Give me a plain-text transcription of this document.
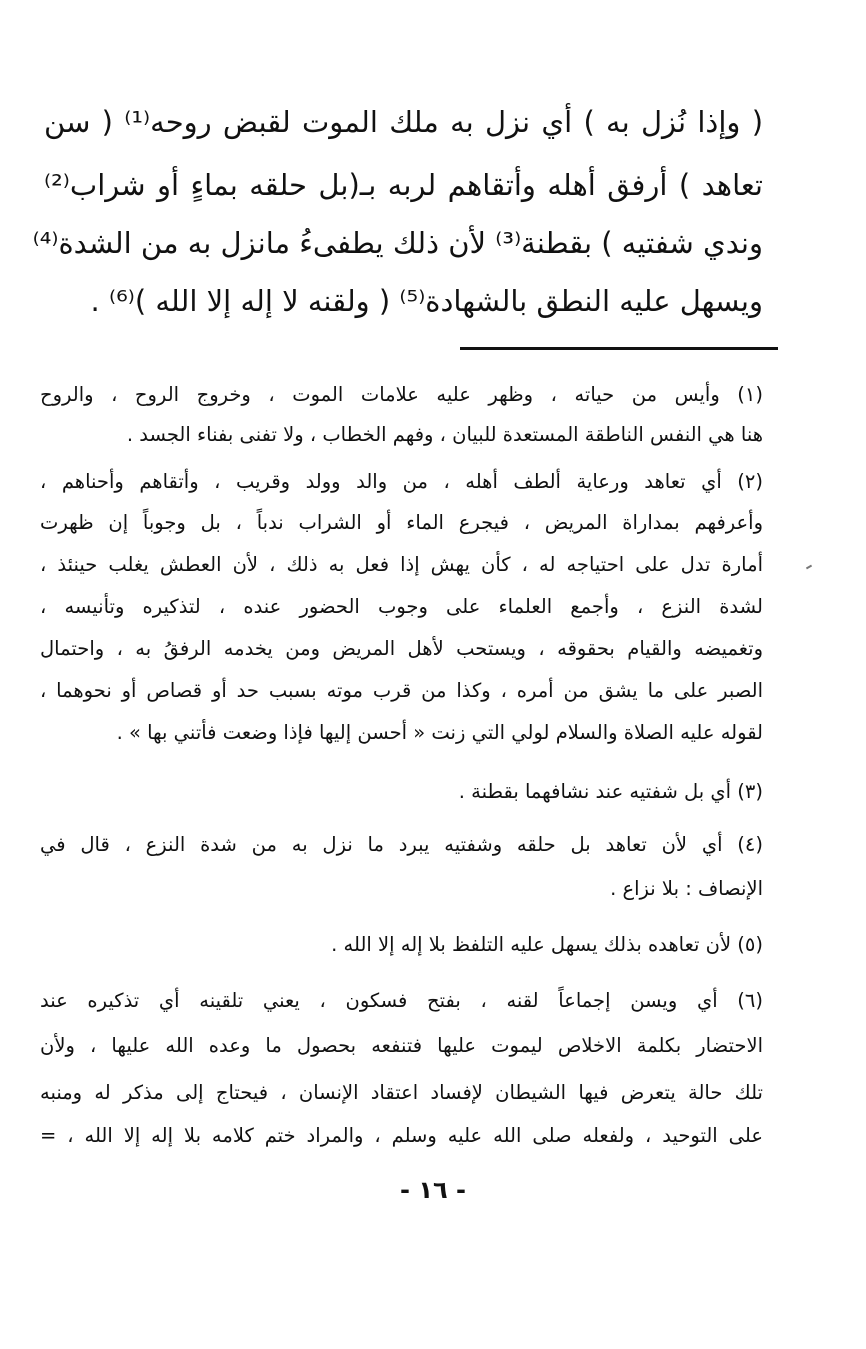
( وإذا نُزل به ) أي نزل به ملك الموت لقبض روحه⁽¹⁾ ( سن
تعاهد ) أرفق أهله وأتقاهم لربه بـ(بل حلقه بماءٍ أو شراب⁽²⁾
وندي شفتيه ) بقطنة⁽³⁾ لأن ذلك يطفىءُ مانزل به من الشدة⁽⁴⁾
ويسهل عليه النطق بالشهادة⁽⁵⁾ ( ولقنه لا إله إلا الله )⁽⁶⁾ .
(١) وأيس من حياته ، وظهر عليه علامات الموت ، وخروج الروح ، والروح
هنا هي النفس الناطقة المستعدة للبيان ، وفهم الخطاب ، ولا تفنى بفناء الجسد .
(٢) أي تعاهد ورعاية ألطف أهله ، من والد وولد وقريب ، وأتقاهم وأحناهم ،
وأعرفهم بمداراة المريض ، فيجرع الماء أو الشراب ندباً ، بل وجوباً إن ظهرت
أمارة تدل على احتياجه له ، كأن يهش إذا فعل به ذلك ، لأن العطش يغلب حينئذ ،
لشدة النزع ، وأجمع العلماء على وجوب الحضور عنده ، لتذكيره وتأنيسه ،
وتغميضه والقيام بحقوقه ، ويستحب لأهل المريض ومن يخدمه الرفقُ به ، واحتمال
الصبر على ما يشق من أمره ، وكذا من قرب موته بسبب حد أو قصاص أو نحوهما ،
لقوله عليه الصلاة والسلام لولي التي زنت « أحسن إليها فإذا وضعت فأتني بها » .
(٣) أي بل شفتيه عند نشافهما بقطنة .
(٤) أي لأن تعاهد بل حلقه وشفتيه يبرد ما نزل به من شدة النزع ، قال في
الإنصاف : بلا نزاع .
(٥) لأن تعاهده بذلك يسهل عليه التلفظ بلا إله إلا الله .
(٦) أي ويسن إجماعاً لقنه ، بفتح فسكون ، يعني تلقينه أي تذكيره عند
الاحتضار بكلمة الاخلاص ليموت عليها فتنفعه بحصول ما وعده الله عليها ، ولأن
تلك حالة يتعرض فيها الشيطان لإفساد اعتقاد الإنسان ، فيحتاج إلى مذكر له ومنبه
على التوحيد ، ولفعله صلى الله عليه وسلم ، والمراد ختم كلامه بلا إله إلا الله ، =
- ١٦ -
